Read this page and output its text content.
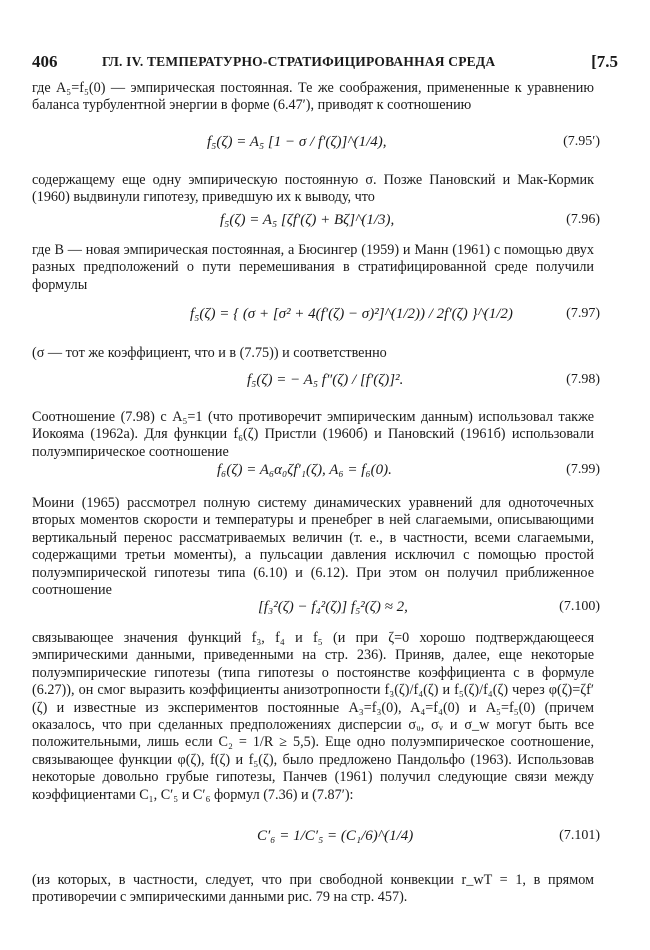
406	ГЛ. IV. ТЕМПЕРАТУРНО-СТРАТИФИЦИРОВАННАЯ СРЕДА	[7.5
где A₅=f₅(0) — эмпирическая постоянная. Те же соображения, примененные к уравнению баланса турбулентной энергии в форме (6.47′), приводят к соотношению
f₅(ζ) = A₅ [1 − σ / f′(ζ)]^(1/4),	(7.95′)
содержащему еще одну эмпирическую постоянную σ. Позже Пановский и Мак-Кормик (1960) выдвинули гипотезу, приведшую их к выводу, что
f₅(ζ) = A₅ [ζf′(ζ) + Bζ]^(1/3),	(7.96)
где B — новая эмпирическая постоянная, а Бюсингер (1959) и Манн (1961) с помощью двух разных предположений о пути перемешивания в стратифицированной среде получили формулы
f₅(ζ) = { (σ + [σ² + 4(f′(ζ) − σ)²]^(1/2)) / 2f′(ζ) }^(1/2)	(7.97)
(σ — тот же коэффициент, что и в (7.75)) и соответственно
f₅(ζ) = − A₅ f″(ζ) / [f′(ζ)]².	(7.98)
Соотношение (7.98) с A₅=1 (что противоречит эмпирическим данным) использовал также Иокояма (1962а). Для функции f₆(ζ) Пристли (1960б) и Пановский (1961б) использовали полуэмпирическое соотношение
f₆(ζ) = A₆α₀ζf′₁(ζ), A₆ = f₆(0).	(7.99)
Моини (1965) рассмотрел полную систему динамических уравнений для одноточечных вторых моментов скорости и температуры и пренебрег в ней слагаемыми, описывающими вертикальный перенос рассматриваемых величин (т. е., в частности, всеми слагаемыми, содержащими третьи моменты), а пульсации давления исключил с помощью простой полуэмпирической гипотезы типа (6.10) и (6.12). При этом он получил приближенное соотношение
[f₃²(ζ) − f₄²(ζ)] f₅²(ζ) ≈ 2,	(7.100)
связывающее значения функций f₃, f₄ и f₅ (и при ζ=0 хорошо подтверждающееся эмпирическими данными, приведенными на стр. 236). Приняв, далее, еще некоторые полуэмпирические гипотезы (типа гипотезы о постоянстве коэффициента c в формуле (6.27)), он смог выразить коэффициенты анизотропности f₃(ζ)/f₄(ζ) и f₅(ζ)/f₄(ζ) через φ(ζ)=ζf′(ζ) и известные из экспериментов постоянные A₃=f₃(0), A₄=f₄(0) и A₅=f₅(0) (причем оказалось, что при сделанных предположениях дисперсии σᵤ, σᵥ и σ_w могут быть все положительными, лишь если C₂ = 1/R ≥ 5,5). Еще одно полуэмпирическое соотношение, связывающее функции φ(ζ), f(ζ) и f₅(ζ), было предложено Пандольфо (1963). Использовав некоторые довольно грубые гипотезы, Панчев (1961) получил следующие связи между коэффициентами C₁, C′₅ и C′₆ формул (7.36) и (7.87′):
C′₆ = 1/C′₅ = (C₁/6)^(1/4)	(7.101)
(из которых, в частности, следует, что при свободной конвекции r_wT = 1, в прямом противоречии с эмпирическими данными рис. 79 на стр. 457).
